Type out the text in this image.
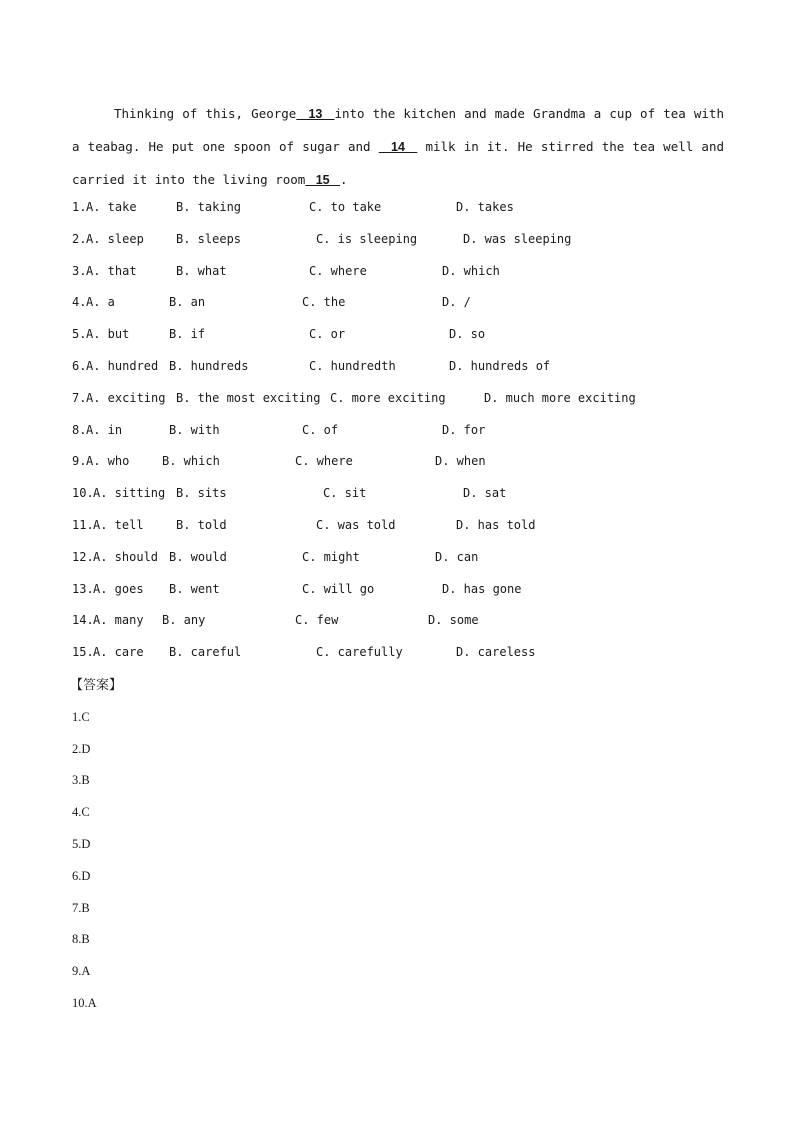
Thinking of this, George   13   into the kitchen and made Grandma a cup of tea with a teabag. He put one spoon of sugar and    14    milk in it. He stirred the tea well and carried it into the living room   15   .

1. A. take	B. taking	C. to take	D. takes
2. A. sleep	B. sleeps	C. is sleeping	D. was sleeping
3. A. that	B. what	C. where	D. which
4. A. a	B. an	C. the	D. /
5. A. but	B. if	C. or	D. so
6. A. hundred B. hundreds	C. hundredth	D. hundreds of
7. A. exciting B. the most exciting C. more exciting	D. much more exciting
8. A. in	B. with	C. of	D. for
9. A. who	B. which	C. where	D. when
10. A. sitting B. sits	C. sit	D. sat
11. A. tell	B. told	C. was told	D. has told
12. A. should B. would	C. might	D. can
13. A. goes B. went	C. will go	D. has gone
14. A. many B. any	C. few	D. some
15. A. care B. careful	C. carefully	D. careless
【答案】
1.C
2.D
3.B
4.C
5.D
6.D
7.B
8.B
9.A
10.A
